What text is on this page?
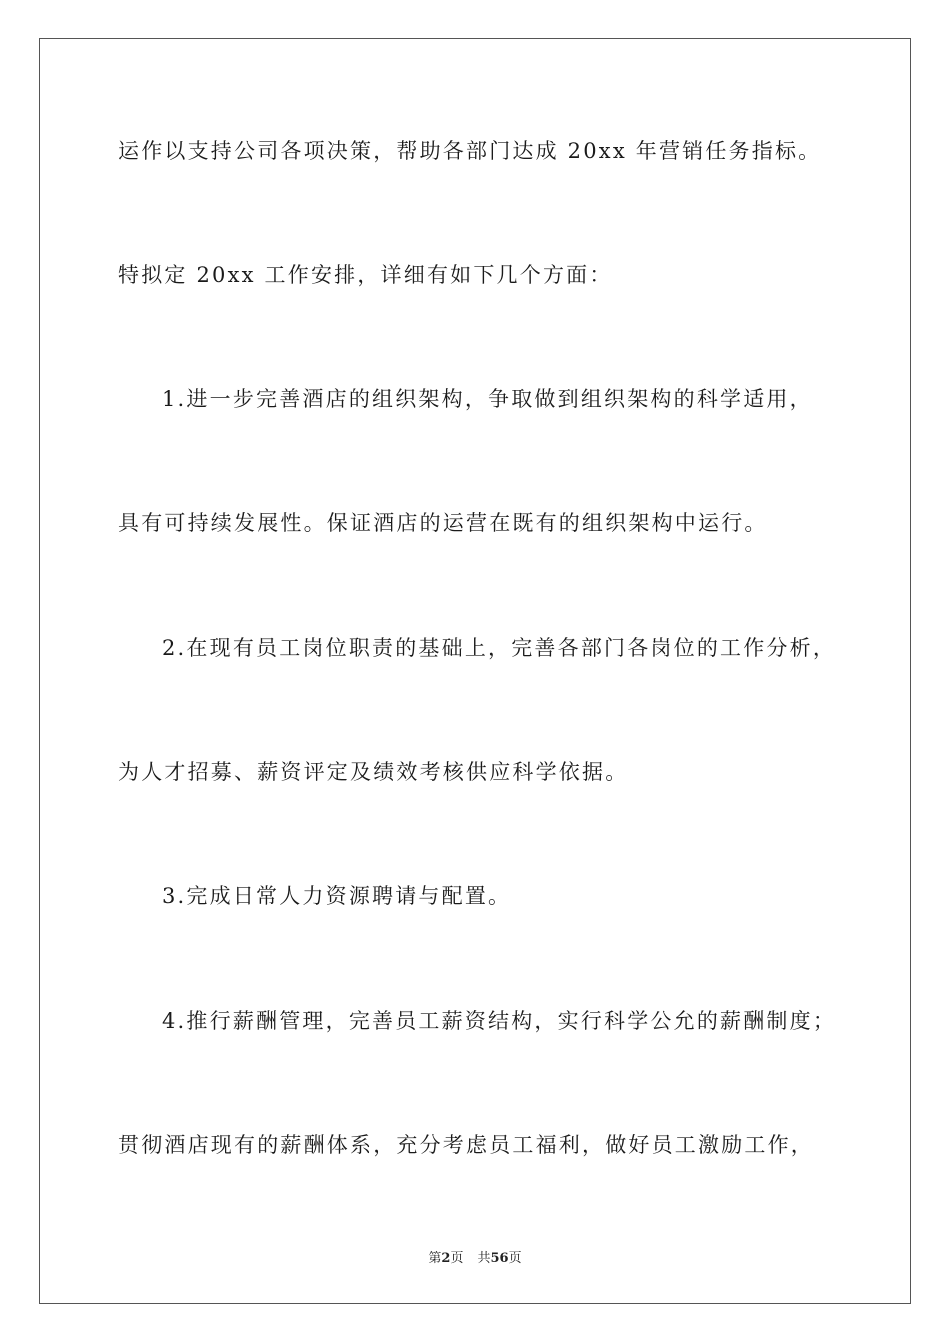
运作以支持公司各项决策，帮助各部门达成 20xx 年营销任务指标。
特拟定 20xx 工作安排，详细有如下几个方面：
1.进一步完善酒店的组织架构，争取做到组织架构的科学适用，
具有可持续发展性。保证酒店的运营在既有的组织架构中运行。
2.在现有员工岗位职责的基础上，完善各部门各岗位的工作分析，
为人才招募、薪资评定及绩效考核供应科学依据。
3.完成日常人力资源聘请与配置。
4.推行薪酬管理，完善员工薪资结构，实行科学公允的薪酬制度；
贯彻酒店现有的薪酬体系，充分考虑员工福利，做好员工激励工作，
第2页 共56页
